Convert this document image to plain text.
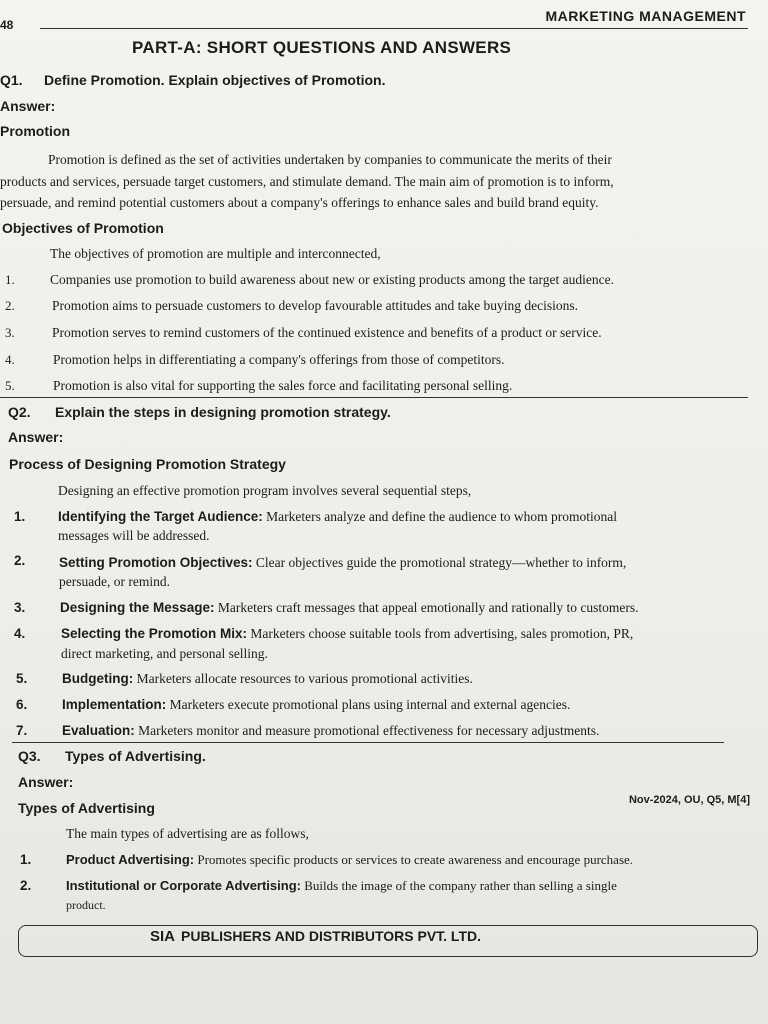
48
MARKETING MANAGEMENT
PART-A: SHORT QUESTIONS AND ANSWERS
Q1. Define Promotion. Explain objectives of Promotion.
Answer:
Promotion
Promotion is defined as the set of activities undertaken by companies to communicate the merits of their
products and services, persuade target customers, and stimulate demand. The main aim of promotion is to inform,
persuade, and remind potential customers about a company's offerings to enhance sales and build brand equity.
Objectives of Promotion
The objectives of promotion are multiple and interconnected,
1.	Companies use promotion to build awareness about new or existing products among the target audience.
2.	Promotion aims to persuade customers to develop favourable attitudes and take buying decisions.
3.	Promotion serves to remind customers of the continued existence and benefits of a product or service.
4.	Promotion helps in differentiating a company's offerings from those of competitors.
5.	Promotion is also vital for supporting the sales force and facilitating personal selling.
Q2. Explain the steps in designing promotion strategy.
Answer:
Process of Designing Promotion Strategy
Designing an effective promotion program involves several sequential steps,
1. Identifying the Target Audience: Marketers analyze and define the audience to whom promotional
messages will be addressed.
2. Setting Promotion Objectives: Clear objectives guide the promotional strategy—whether to inform,
persuade, or remind.
3.	Designing the Message: Marketers craft messages that appeal emotionally and rationally to customers.
4.	Selecting the Promotion Mix: Marketers choose suitable tools from advertising, sales promotion, PR,
direct marketing, and personal selling.
5.	Budgeting: Marketers allocate resources to various promotional activities.
6.	Implementation: Marketers execute promotional plans using internal and external agencies.
7.	Evaluation: Marketers monitor and measure promotional effectiveness for necessary adjustments.
Q3. Types of Advertising.
Answer:
Nov-2024, OU, Q5, M[4]
Types of Advertising
The main types of advertising are as follows,
1.	Product Advertising: Promotes specific products or services to create awareness and encourage purchase.
2.	Institutional or Corporate Advertising: Builds the image of the company rather than selling a single
product.
SIA PUBLISHERS AND DISTRIBUTORS PVT. LTD.
